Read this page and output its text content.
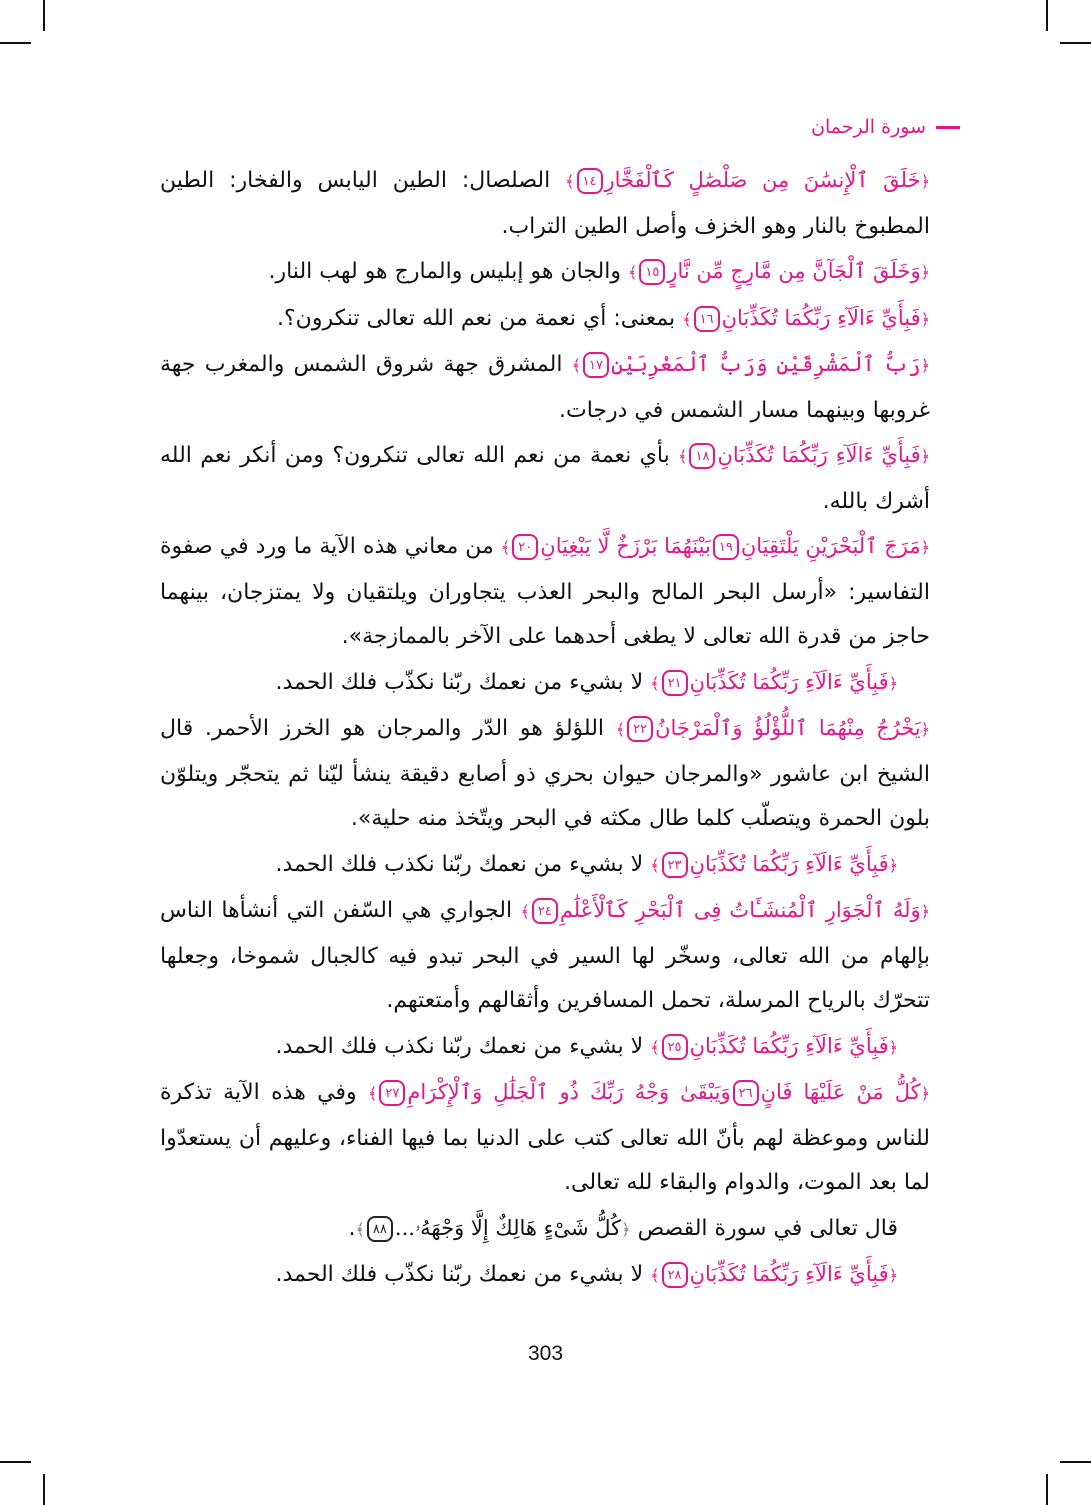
سورة الرحمان

﴿خَلَقَ ٱلْإِنسَٰنَ مِن صَلْصَٰلٍ كَٱلْفَخَّارِ١٤﴾ الصلصال: الطين اليابس والفخار: الطين المطبوخ بالنار وهو الخزف وأصل الطين التراب.

﴿وَخَلَقَ ٱلْجَآنَّ مِن مَّارِجٍ مِّن نَّارٍ١٥﴾ والجان هو إبليس والمارج هو لهب النار.

﴿فَبِأَيِّ ءَالَآءِ رَبِّكُمَا تُكَذِّبَانِ١٦﴾ بمعنى: أي نعمة من نعم الله تعالى تنكرون؟.

﴿رَبُّ ٱلْمَشْرِقَيْنِ وَرَبُّ ٱلْمَغْرِبَيْنِ١٧﴾ المشرق جهة شروق الشمس والمغرب جهة غروبها وبينهما مسار الشمس في درجات.

﴿فَبِأَيِّ ءَالَآءِ رَبِّكُمَا تُكَذِّبَانِ١٨﴾ بأي نعمة من نعم الله تعالى تنكرون؟ ومن أنكر نعم الله أشرك بالله.

﴿مَرَجَ ٱلْبَحْرَيْنِ يَلْتَقِيَانِ١٩بَيْنَهُمَا بَرْزَخٌ لَّا يَبْغِيَانِ٢٠﴾ من معاني هذه الآية ما ورد في صفوة التفاسير: «أرسل البحر المالح والبحر العذب يتجاوران ويلتقيان ولا يمتزجان، بينهما حاجز من قدرة الله تعالى لا يطغى أحدهما على الآخر بالممازجة».

﴿فَبِأَيِّ ءَالَآءِ رَبِّكُمَا تُكَذِّبَانِ٢١﴾ لا بشيء من نعمك ربّنا نكذّب فلك الحمد.

﴿يَخْرُجُ مِنْهُمَا ٱللُّؤْلُؤُ وَٱلْمَرْجَانُ٢٢﴾ اللؤلؤ هو الدّر والمرجان هو الخرز الأحمر. قال الشيخ ابن عاشور «والمرجان حيوان بحري ذو أصابع دقيقة ينشأ ليّنا ثم يتحجّر ويتلوّن بلون الحمرة ويتصلّب كلما طال مكثه في البحر ويتّخذ منه حلية».

﴿فَبِأَيِّ ءَالَآءِ رَبِّكُمَا تُكَذِّبَانِ٢٣﴾ لا بشيء من نعمك ربّنا نكذب فلك الحمد.

﴿وَلَهُ ٱلْجَوَارِ ٱلْمُنشَـَٔاتُ فِى ٱلْبَحْرِ كَٱلْأَعْلَٰمِ٢٤﴾ الجواري هي السّفن التي أنشأها الناس بإلهام من الله تعالى، وسخّر لها السير في البحر تبدو فيه كالجبال شموخا، وجعلها تتحرّك بالرياح المرسلة، تحمل المسافرين وأثقالهم وأمتعتهم.

﴿فَبِأَيِّ ءَالَآءِ رَبِّكُمَا تُكَذِّبَانِ٢٥﴾ لا بشيء من نعمك ربّنا نكذب فلك الحمد.

﴿كُلُّ مَنْ عَلَيْهَا فَانٍ٢٦وَيَبْقَىٰ وَجْهُ رَبِّكَ ذُو ٱلْجَلَٰلِ وَٱلْإِكْرَامِ٢٧﴾ وفي هذه الآية تذكرة للناس وموعظة لهم بأنّ الله تعالى كتب على الدنيا بما فيها الفناء، وعليهم أن يستعدّوا لما بعد الموت، والدوام والبقاء لله تعالى.

قال تعالى في سورة القصص ﴿كُلُّ شَىْءٍ هَالِكٌ إِلَّا وَجْهَهُۥ...٨٨﴾.

﴿فَبِأَيِّ ءَالَآءِ رَبِّكُمَا تُكَذِّبَانِ٢٨﴾ لا بشيء من نعمك ربّنا نكذّب فلك الحمد.

303
